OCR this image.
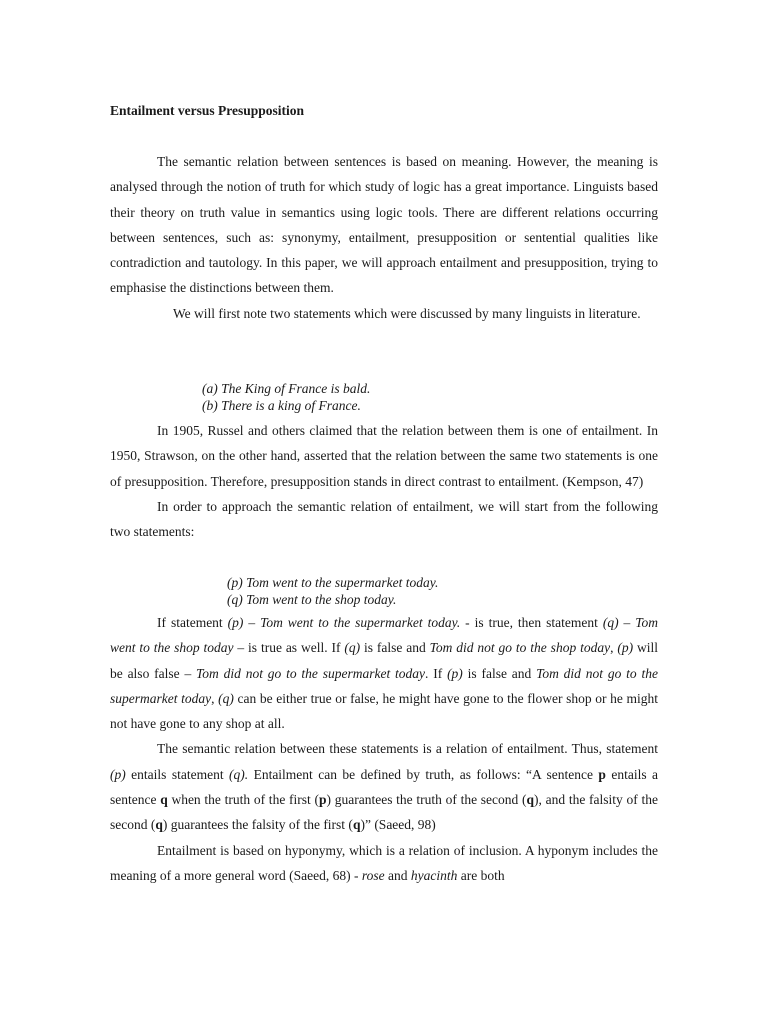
Entailment versus Presupposition

The semantic relation between sentences is based on meaning. However, the meaning is analysed through the notion of truth for which study of logic has a great importance. Linguists based their theory on truth value in semantics using logic tools. There are different relations occurring between sentences, such as: synonymy, entailment, presupposition or sentential qualities like contradiction and tautology. In this paper, we will approach entailment and presupposition, trying to emphasise the distinctions between them.

We will first note two statements which were discussed by many linguists in literature.

(a) The King of France is bald.
(b) There is a king of France.

In 1905, Russel and others claimed that the relation between them is one of entailment. In 1950, Strawson, on the other hand, asserted that the relation between the same two statements is one of presupposition. Therefore, presupposition stands in direct contrast to entailment. (Kempson, 47)

In order to approach the semantic relation of entailment, we will start from the following two statements:

(p) Tom went to the supermarket today.
(q) Tom went to the shop today.

If statement (p) – Tom went to the supermarket today. - is true, then statement (q) – Tom went to the shop today – is true as well. If (q) is false and Tom did not go to the shop today, (p) will be also false – Tom did not go to the supermarket today. If (p) is false and Tom did not go to the supermarket today, (q) can be either true or false, he might have gone to the flower shop or he might not have gone to any shop at all.

The semantic relation between these statements is a relation of entailment. Thus, statement (p) entails statement (q). Entailment can be defined by truth, as follows: “A sentence p entails a sentence q when the truth of the first (p) guarantees the truth of the second (q), and the falsity of the second (q) guarantees the falsity of the first (q)” (Saeed, 98)

Entailment is based on hyponymy, which is a relation of inclusion. A hyponym includes the meaning of a more general word (Saeed, 68) - rose and hyacinth are both
